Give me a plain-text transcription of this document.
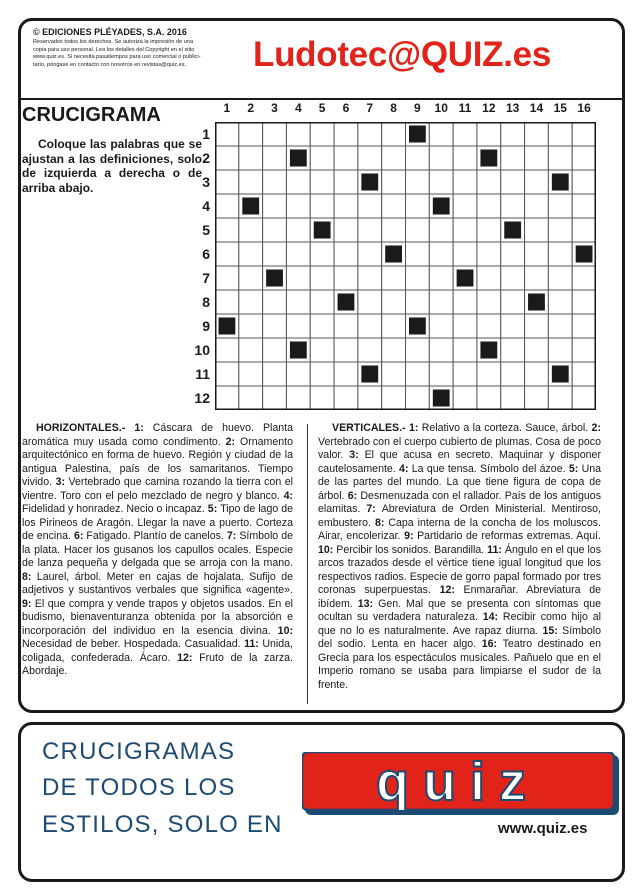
© EDICIONES PLÉYADES, S.A. 2016
Reservados todos los derechos. Se autoriza la impresión de una
copia para uso personal. Lea los detalles del Copyright en el sitio
www.quiz.es. Si necesita pasatiempos para uso comercial o publici-
tario, póngase en contacto con nosotros en revistas@quiz.es.	Ludotec@QUIZ.es
CRUCIGRAMA
Coloque las palabras que se ajustan a las definiciones, solo de izquierda a derecha o de arriba abajo.
1	2	3	4	5	6	7	8	9	10 11 12 13 14 15 16
1
2
3
4
5
6
7
8
9
10
11
12
HORIZONTALES.- 1: Cáscara de huevo. Planta aromática muy usada como condimento. 2: Ornamento arquitectónico en forma de huevo. Región y ciudad de la antigua Palestina, país de los samaritanos. Tiempo vivido. 3: Vertebrado que camina rozando la tierra con el vientre. Toro con el pelo mezclado de negro y blanco. 4: Fidelidad y honradez. Necio o incapaz. 5: Tipo de lago de los Pirineos de Aragón. Llegar la nave a puerto. Corteza de encina. 6: Fatigado. Plantío de canelos. 7: Símbolo de la plata. Hacer los gusanos los capullos ocales. Especie de lanza pequeña y delgada que se arroja con la mano. 8: Laurel, árbol. Meter en cajas de hojalata. Sufijo de adjetivos y sustantivos verbales que significa «agente». 9: El que compra y vende trapos y objetos usados. En el budismo, bienaventuranza obtenida por la absorción e incorporación del individuo en la esencia divina. 10: Necesidad de beber. Hospedada. Casualidad. 11: Unida, coligada, confederada. Ácaro. 12: Fruto de la zarza. Abordaje.
VERTICALES.- 1: Relativo a la corteza. Sauce, árbol. 2: Vertebrado con el cuerpo cubierto de plumas. Cosa de poco valor. 3: El que acusa en secreto. Maquinar y disponer cautelosamente. 4: La que tensa. Símbolo del ázoe. 5: Una de las partes del mundo. La que tiene figura de copa de árbol. 6: Desmenuzada con el rallador. País de los antiguos elamitas. 7: Abreviatura de Orden Ministerial. Mentiroso, embustero. 8: Capa interna de la concha de los moluscos. Airar, encolerizar. 9: Partidario de reformas extremas. Aquí. 10: Percibir los sonidos. Barandilla. 11: Ángulo en el que los arcos trazados desde el vértice tiene igual longitud que los respectivos radios. Especie de gorro papal formado por tres coronas superpuestas. 12: Enmarañar. Abreviatura de ibídem. 13: Gen. Mal que se presenta con síntomas que ocultan su verdadera naturaleza. 14: Recibir como hijo al que no lo es naturalmente. Ave rapaz diurna. 15: Símbolo del sodio. Lenta en hacer algo. 16: Teatro destinado en Grecia para los espectáculos musicales. Pañuelo que en el Imperio romano se usaba para limpiarse el sudor de la frente.
CRUCIGRAMAS
DE TODOS LOS
ESTILOS, SOLO EN
quiz
www.quiz.es
